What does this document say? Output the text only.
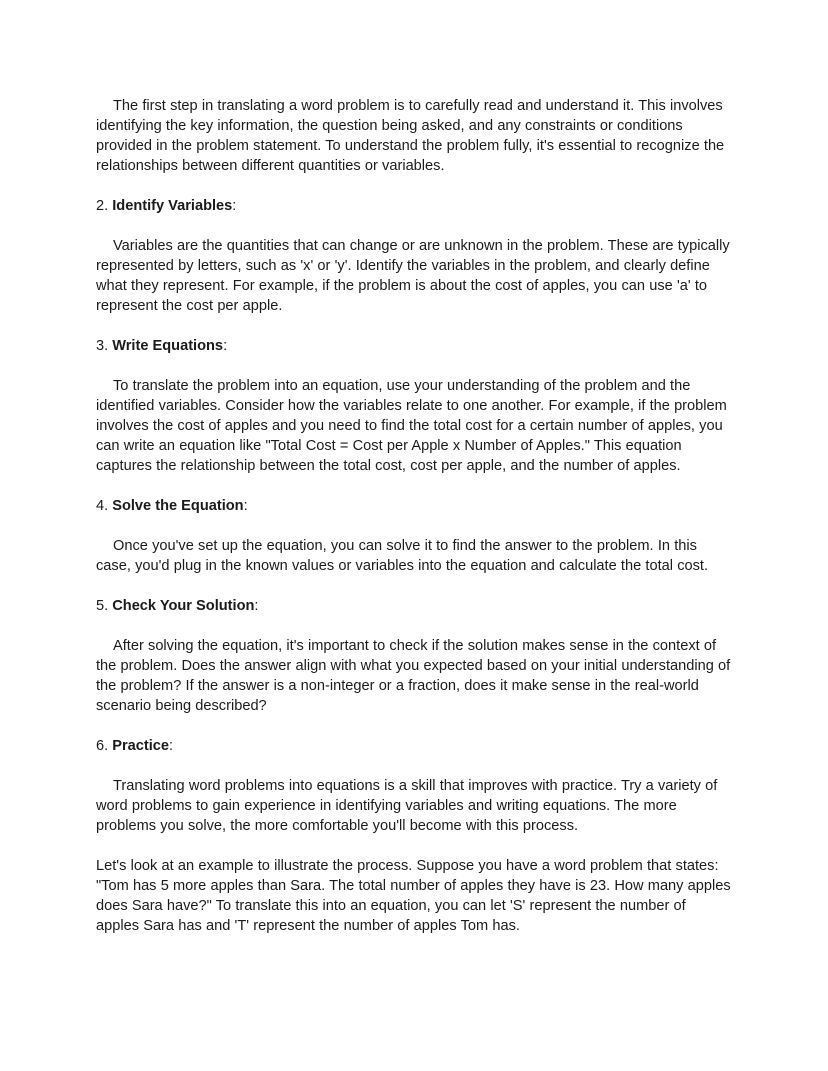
The first step in translating a word problem is to carefully read and understand it. This involves identifying the key information, the question being asked, and any constraints or conditions provided in the problem statement. To understand the problem fully, it's essential to recognize the relationships between different quantities or variables.

2. Identify Variables:

Variables are the quantities that can change or are unknown in the problem. These are typically represented by letters, such as 'x' or 'y'. Identify the variables in the problem, and clearly define what they represent. For example, if the problem is about the cost of apples, you can use 'a' to represent the cost per apple.

3. Write Equations:

To translate the problem into an equation, use your understanding of the problem and the identified variables. Consider how the variables relate to one another. For example, if the problem involves the cost of apples and you need to find the total cost for a certain number of apples, you can write an equation like "Total Cost = Cost per Apple x Number of Apples." This equation captures the relationship between the total cost, cost per apple, and the number of apples.

4. Solve the Equation:

Once you've set up the equation, you can solve it to find the answer to the problem. In this case, you'd plug in the known values or variables into the equation and calculate the total cost.

5. Check Your Solution:

After solving the equation, it's important to check if the solution makes sense in the context of the problem. Does the answer align with what you expected based on your initial understanding of the problem? If the answer is a non-integer or a fraction, does it make sense in the real-world scenario being described?

6. Practice:

Translating word problems into equations is a skill that improves with practice. Try a variety of word problems to gain experience in identifying variables and writing equations. The more problems you solve, the more comfortable you'll become with this process.

Let's look at an example to illustrate the process. Suppose you have a word problem that states: "Tom has 5 more apples than Sara. The total number of apples they have is 23. How many apples does Sara have?" To translate this into an equation, you can let 'S' represent the number of apples Sara has and 'T' represent the number of apples Tom has.
